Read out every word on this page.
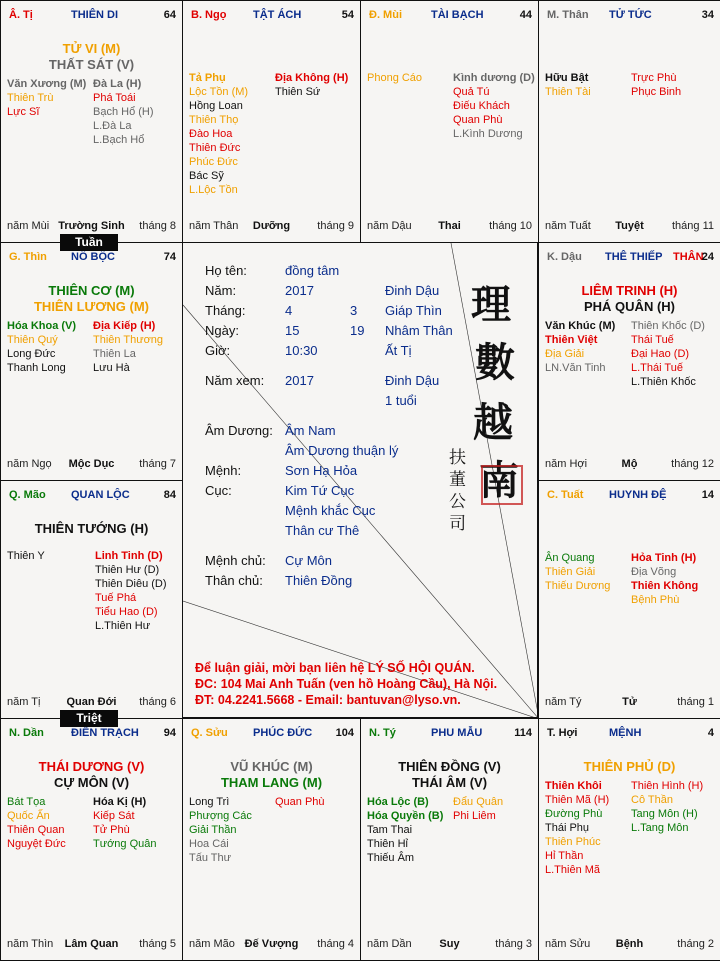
Â. Tị	THIÊN DI	64
TỬ VI (M)
THẤT SÁT (V)
Văn Xương (M)
Thiên Trù
Lực Sĩ
Đà La (H)
Phá Toái
Bạch Hổ (H)
L.Đà La
L.Bạch Hổ
năm Mùi Trường Sinh	tháng 8
B. Ngọ TẬT ÁCH	54
Tả Phụ
Lộc Tồn (M)
Hồng Loan
Thiên Thọ
Đào Hoa
Thiên Đức
Phúc Đức
Bác Sỹ
L.Lộc Tồn
Địa Không (H)
Thiên Sứ
năm Thân	Dưỡng	tháng 9
Đ. Mùi	TÀI BẠCH	44
Phong Cáo	Kình dương (D)
Quả Tú
Điếu Khách
Quan Phù
L.Kình Dương
năm Dậu	Thai	tháng 10
M. Thân TỬ TỨC	34
Hữu Bật
Thiên Tài
Trực Phù
Phục Binh
năm Tuất	Tuyệt	tháng 11
G. Thìn NÔ BỘC	74
THIÊN CƠ (M)
THIÊN LƯƠNG (M)
Hóa Khoa (V)
Thiên Quý
Long Đức
Thanh Long
Địa Kiếp (H)
Thiên Thương
Thiên La
Lưu Hà
năm Ngọ	Mộc Dục	tháng 7
K. Dậu THÊ THIẾP THÂN
24
LIÊM TRINH (H)
PHÁ QUÂN (H)
Văn Khúc (M)
Thiên Việt
Địa Giải
LN.Văn Tinh
Thiên Khốc (D)
Thái Tuế
Đại Hao (D)
L.Thái Tuế
L.Thiên Khốc
năm Hợi	Mộ	tháng 12
Q. Mão QUAN LỘC	84
THIÊN TƯỚNG (H)
Thiên Y	Linh Tinh (D)
Thiên Hư (D)
Thiên Diêu (D)
Tuế Phá
Tiểu Hao (D)
L.Thiên Hư
năm Tị	Quan Đới	tháng 6
C. Tuất HUYNH ĐỆ	14
Ân Quang
Thiên Giải
Thiếu Dương
Hỏa Tinh (H)
Địa Võng
Thiên Không
Bệnh Phù
năm Tý	Tử	tháng 1
N. Dần ĐIỀN TRẠCH 94
THÁI DƯƠNG (V)
CỰ MÔN (V)
Bát Tọa
Quốc Ấn
Thiên Quan
Nguyệt Đức
Hóa Kị (H)
Kiếp Sát
Tử Phù
Tướng Quân
năm Thìn	Lâm Quan	tháng 5
Q. Sửu PHÚC ĐỨC 104
VŨ KHÚC (M)
THAM LANG (M)
Long Trì
Phượng Các
Giải Thần
Hoa Cái
Tấu Thư
Quan Phù
năm Mão Đế Vượng	tháng 4
N. Tý	PHU MẪU	114
THIÊN ĐỒNG (V)
THÁI ÂM (V)
Hóa Lộc (B)
Hóa Quyền (B)
Tam Thai
Thiên Hỉ
Thiếu Âm
Đẩu Quân
Phi Liêm
năm Dần	Suy	tháng 3
T. Hợi	MỆNH	4
THIÊN PHỦ (D)
Thiên Khôi
Thiên Mã (H)
Đường Phù
Thái Phụ
Thiên Phúc
Hỉ Thần
L.Thiên Mã
Thiên Hình (H)
Cô Thần
Tang Môn (H)
L.Tang Môn
năm Sửu	Bệnh	tháng 2
Tuần
Triệt
Họ tên:	đồng tâm
Năm:	2017	Đinh Dậu
Tháng:	4	3 Giáp Thìn
Ngày:	15	19 Nhâm Thân
Giờ:	10:30	Ất Tị
Năm xem: 2017	Đinh Dậu
1 tuổi
Âm Dương: Âm Nam
Âm Dương thuận lý
Mệnh:	Sơn Hạ Hỏa
Cục:	Kim Tứ Cục
Mệnh khắc Cục
Thân cư Thê
Mệnh chủ: Cự Môn
Thân chủ: Thiên Đồng
理
數
越
南
扶
董
公
司
Để luận giải, mời bạn liên hệ LÝ SỐ HỘI QUÁN.
ĐC: 104 Mai Anh Tuấn (ven hồ Hoàng Cầu), Hà Nội.
ĐT: 04.2241.5668 - Email: bantuvan@lyso.vn.
